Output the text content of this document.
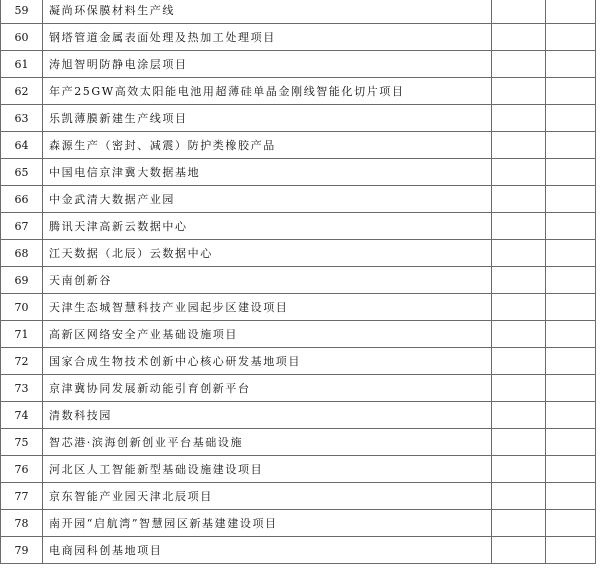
59	凝尚环保膜材料生产线		
60	钢塔管道金属表面处理及热加工处理项目		
61	涛旭智明防静电涂层项目		
62	年产25GW高效太阳能电池用超薄硅单晶金刚线智能化切片项目		
63	乐凯薄膜新建生产线项目		
64	森源生产（密封、减震）防护类橡胶产品		
65	中国电信京津冀大数据基地		
66	中金武清大数据产业园		
67	腾讯天津高新云数据中心		
68	江天数据（北辰）云数据中心		
69	天南创新谷		
70	天津生态城智慧科技产业园起步区建设项目		
71	高新区网络安全产业基础设施项目		
72	国家合成生物技术创新中心核心研发基地项目		
73	京津冀协同发展新动能引育创新平台		
74	清数科技园		
75	智芯港·滨海创新创业平台基础设施		
76	河北区人工智能新型基础设施建设项目		
77	京东智能产业园天津北辰项目		
78	南开园“启航湾”智慧园区新基建建设项目		
79	电商园科创基地项目		
